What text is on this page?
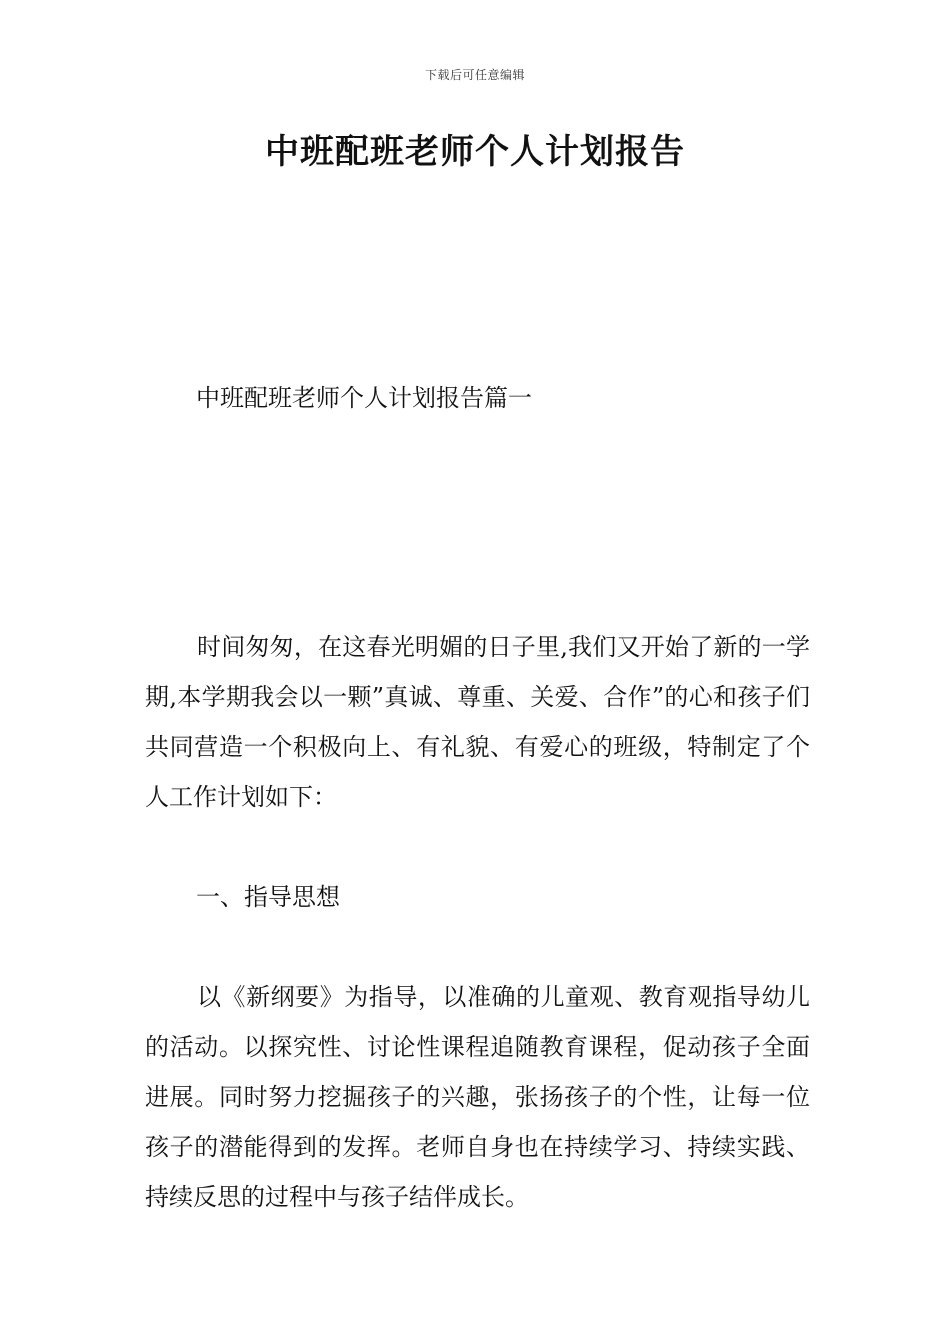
下载后可任意编辑
中班配班老师个人计划报告
中班配班老师个人计划报告篇一

时间匆匆，在这春光明媚的日子里,我们又开始了新的一学期,本学期我会以一颗”真诚、尊重、关爱、合作”的心和孩子们共同营造一个积极向上、有礼貌、有爱心的班级，特制定了个人工作计划如下：

一、指导思想

以《新纲要》为指导，以准确的儿童观、教育观指导幼儿的活动。以探究性、讨论性课程追随教育课程，促动孩子全面进展。同时努力挖掘孩子的兴趣，张扬孩子的个性，让每一位孩子的潜能得到的发挥。老师自身也在持续学习、持续实践、持续反思的过程中与孩子结伴成长。
